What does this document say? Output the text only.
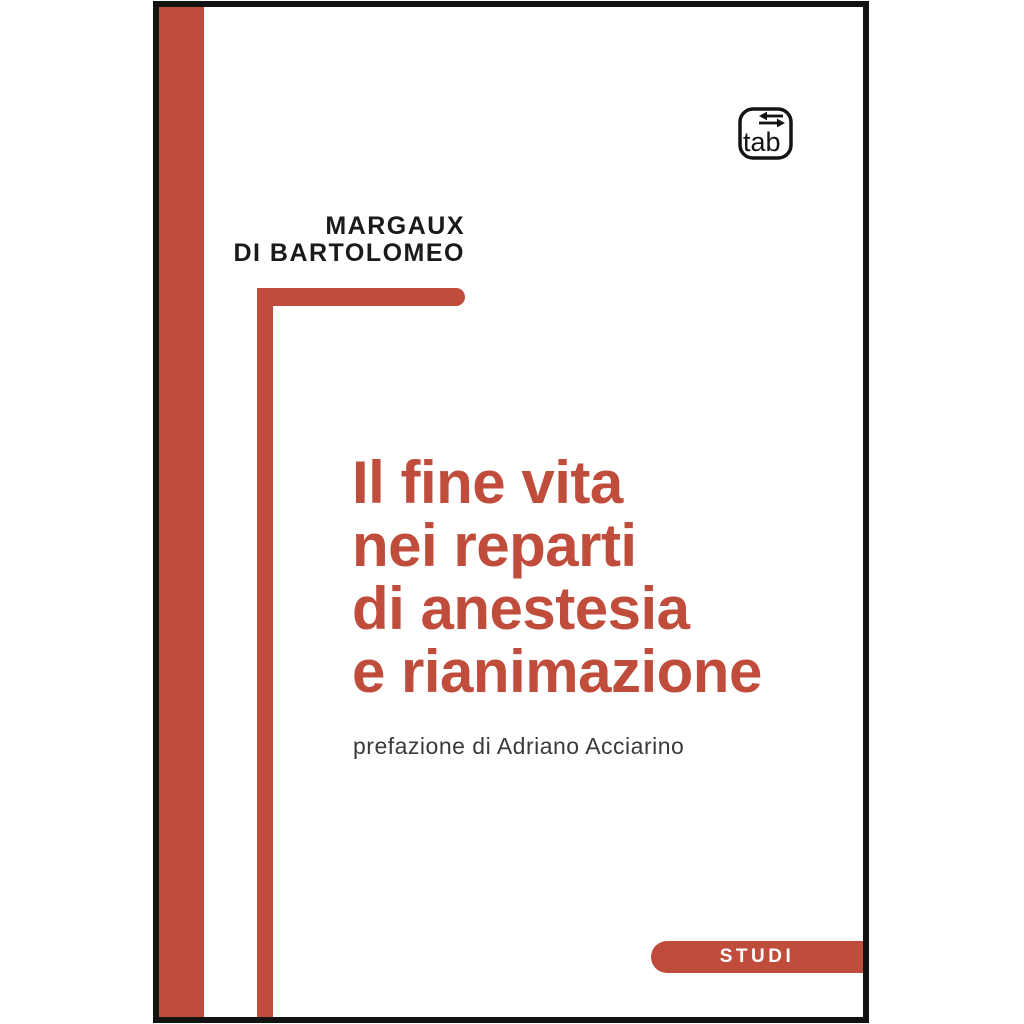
tab
MARGAUX
DI BARTOLOMEO
Il fine vita
nei reparti
di anestesia
e rianimazione
prefazione di Adriano Acciarino
STUDI
